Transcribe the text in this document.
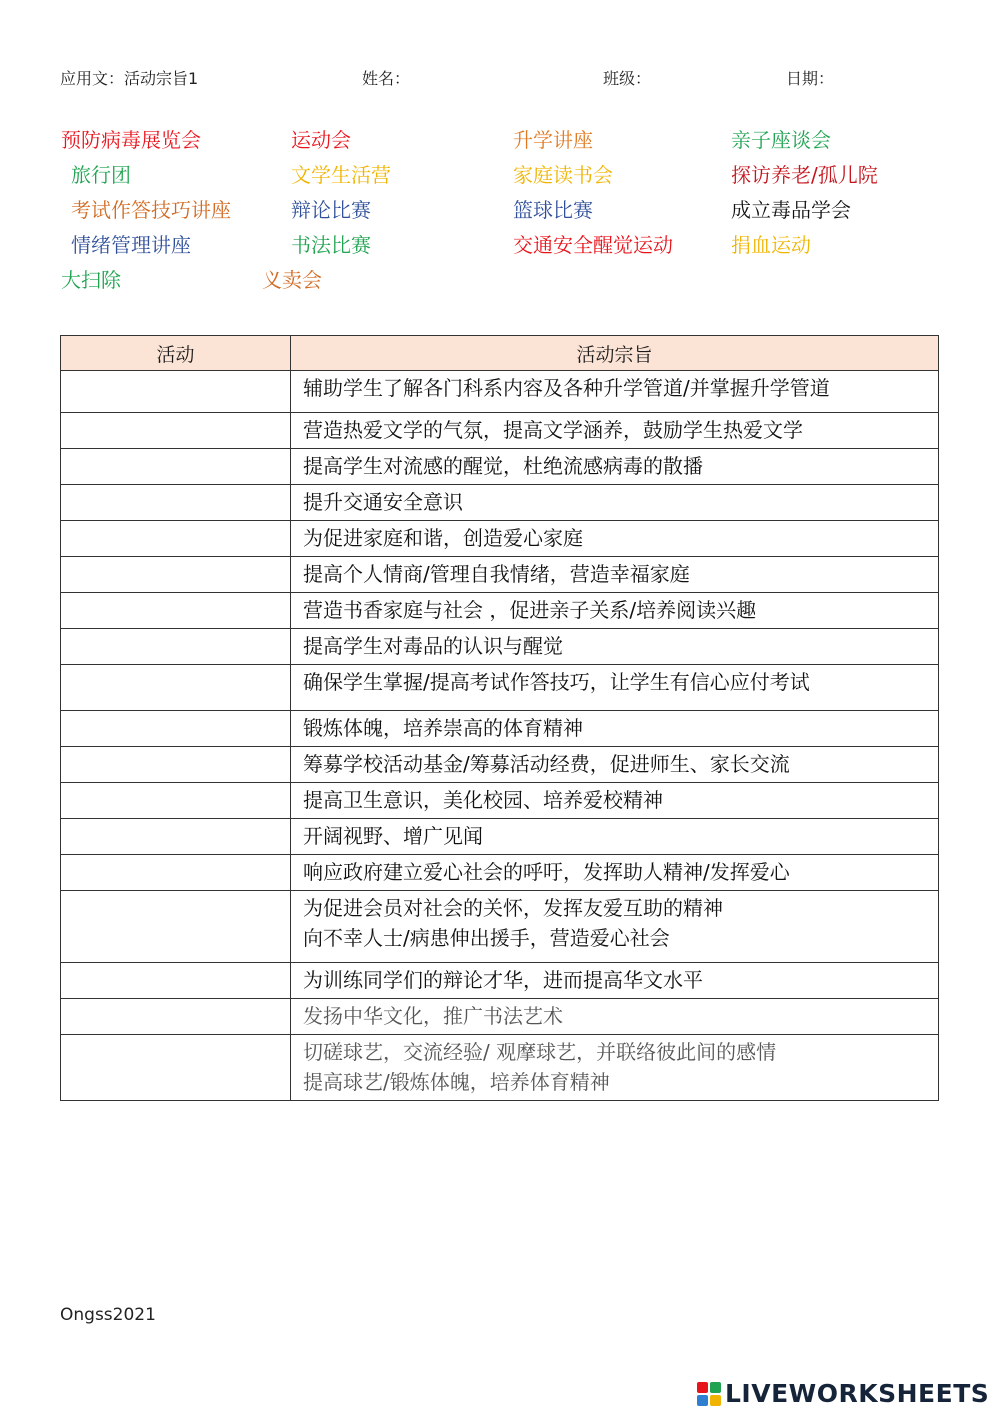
应用文：活动宗旨1	姓名：	班级：	日期：
预防病毒展览会	运动会	升学讲座	亲子座谈会
旅行团	文学生活营	家庭读书会	探访养老/孤儿院
考试作答技巧讲座	辩论比赛	篮球比赛	成立毒品学会
情绪管理讲座	书法比赛	交通安全醒觉运动	捐血运动
大扫除	义卖会
活动	活动宗旨

	辅助学生了解各门科系内容及各种升学管道/并掌握升学管道

	营造热爱文学的气氛，提高文学涵养，鼓励学生热爱文学

	提高学生对流感的醒觉，杜绝流感病毒的散播

	提升交通安全意识

	为促进家庭和谐，创造爱心家庭

	提高个人情商/管理自我情绪，营造幸福家庭

	营造书香家庭与社会 ，促进亲子关系/培养阅读兴趣

	提高学生对毒品的认识与醒觉

	确保学生掌握/提高考试作答技巧，让学生有信心应付考试

	锻炼体魄，培养崇高的体育精神

	筹募学校活动基金/筹募活动经费，促进师生、家长交流

	提高卫生意识，美化校园、培养爱校精神

	开阔视野、增广见闻

	响应政府建立爱心社会的呼吁，发挥助人精神/发挥爱心

	为促进会员对社会的关怀，发挥友爱互助的精神
向不幸人士/病患伸出援手，营造爱心社会

	为训练同学们的辩论才华，进而提高华文水平

	发扬中华文化，推广书法艺术

	切磋球艺，交流经验/ 观摩球艺，并联络彼此间的感情
提高球艺/锻炼体魄，培养体育精神
Ongss2021
LIVEWORKSHEETS
